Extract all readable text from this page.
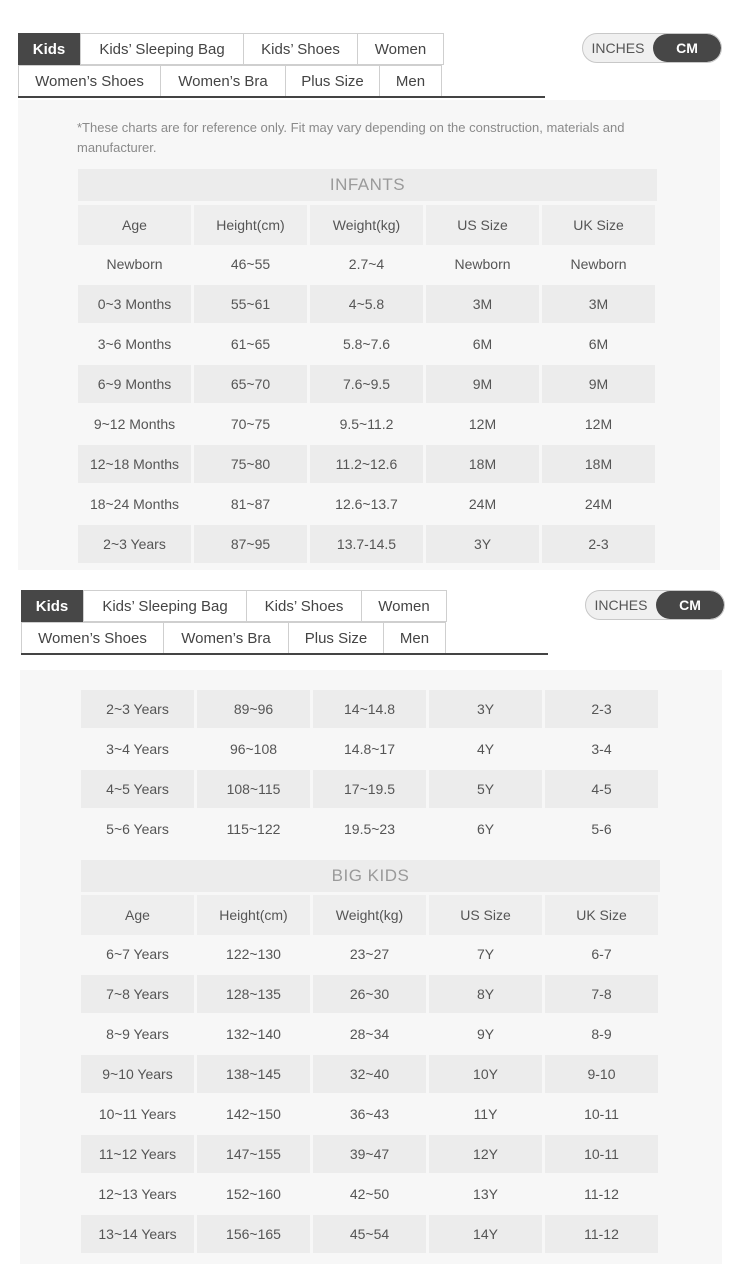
Kids	Kids’ Sleeping Bag	Kids’ Shoes	Women
Women’s Shoes	Women’s Bra	Plus Size	Men
INCHES	CM
*These charts are for reference only. Fit may vary depending on the construction, materials and manufacturer.
INFANTS
Age	Height(cm)	Weight(kg)	US Size	UK Size
Newborn	46~55	2.7~4	Newborn	Newborn
0~3 Months	55~61	4~5.8	3M	3M
3~6 Months	61~65	5.8~7.6	6M	6M
6~9 Months	65~70	7.6~9.5	9M	9M
9~12 Months	70~75	9.5~11.2	12M	12M
12~18 Months	75~80	11.2~12.6	18M	18M
18~24 Months	81~87	12.6~13.7	24M	24M
2~3 Years	87~95	13.7-14.5	3Y	2-3
Kids	Kids’ Sleeping Bag	Kids’ Shoes	Women
Women’s Shoes	Women’s Bra	Plus Size	Men
INCHES	CM
2~3 Years	89~96	14~14.8	3Y	2-3
3~4 Years	96~108	14.8~17	4Y	3-4
4~5 Years	108~115	17~19.5	5Y	4-5
5~6 Years	115~122	19.5~23	6Y	5-6
BIG KIDS
Age	Height(cm)	Weight(kg)	US Size	UK Size
6~7 Years	122~130	23~27	7Y	6-7
7~8 Years	128~135	26~30	8Y	7-8
8~9 Years	132~140	28~34	9Y	8-9
9~10 Years	138~145	32~40	10Y	9-10
10~11 Years	142~150	36~43	11Y	10-11
11~12 Years	147~155	39~47	12Y	10-11
12~13 Years	152~160	42~50	13Y	11-12
13~14 Years	156~165	45~54	14Y	11-12
